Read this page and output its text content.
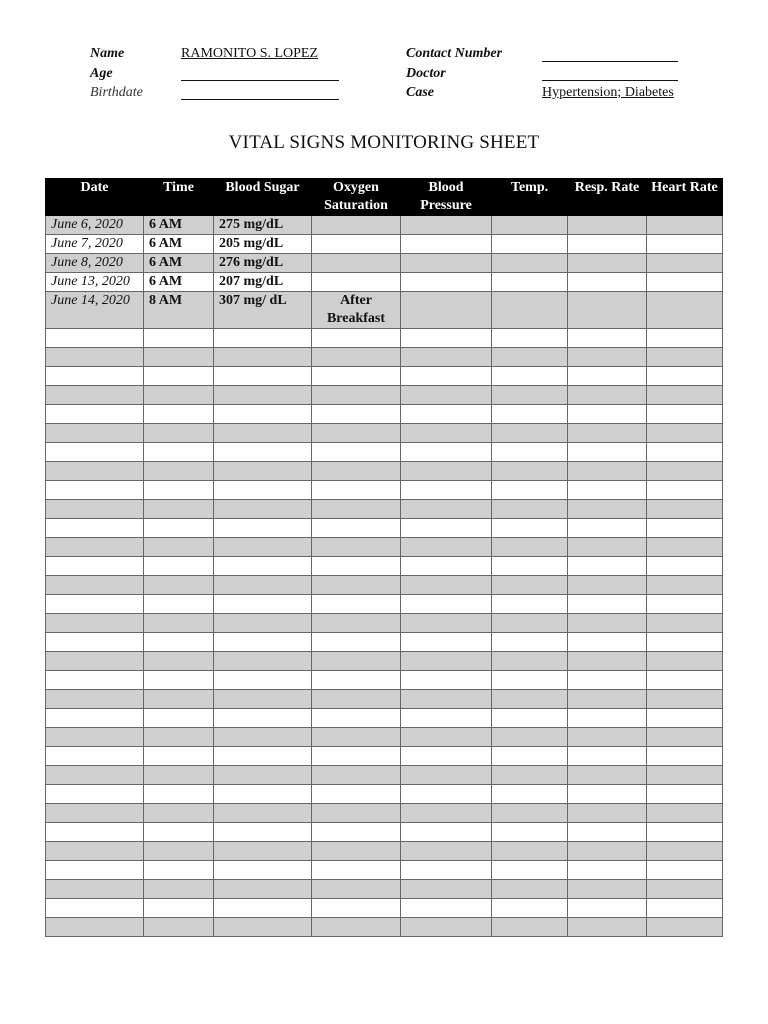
Name	RAMONITO S. LOPEZ
Age
Birthdate
Contact Number
Doctor
Case	Hypertension; Diabetes
VITAL SIGNS MONITORING SHEET
Date	Time	Blood Sugar	Oxygen Saturation	Blood Pressure	Temp.	Resp. Rate	Heart Rate
June 6, 2020	6 AM	275 mg/dL					
June 7, 2020	6 AM	205 mg/dL					
June 8, 2020	6 AM	276 mg/dL					
June 13, 2020	6 AM	207 mg/dL					
June 14, 2020	8 AM	307 mg/ dL	After Breakfast				
